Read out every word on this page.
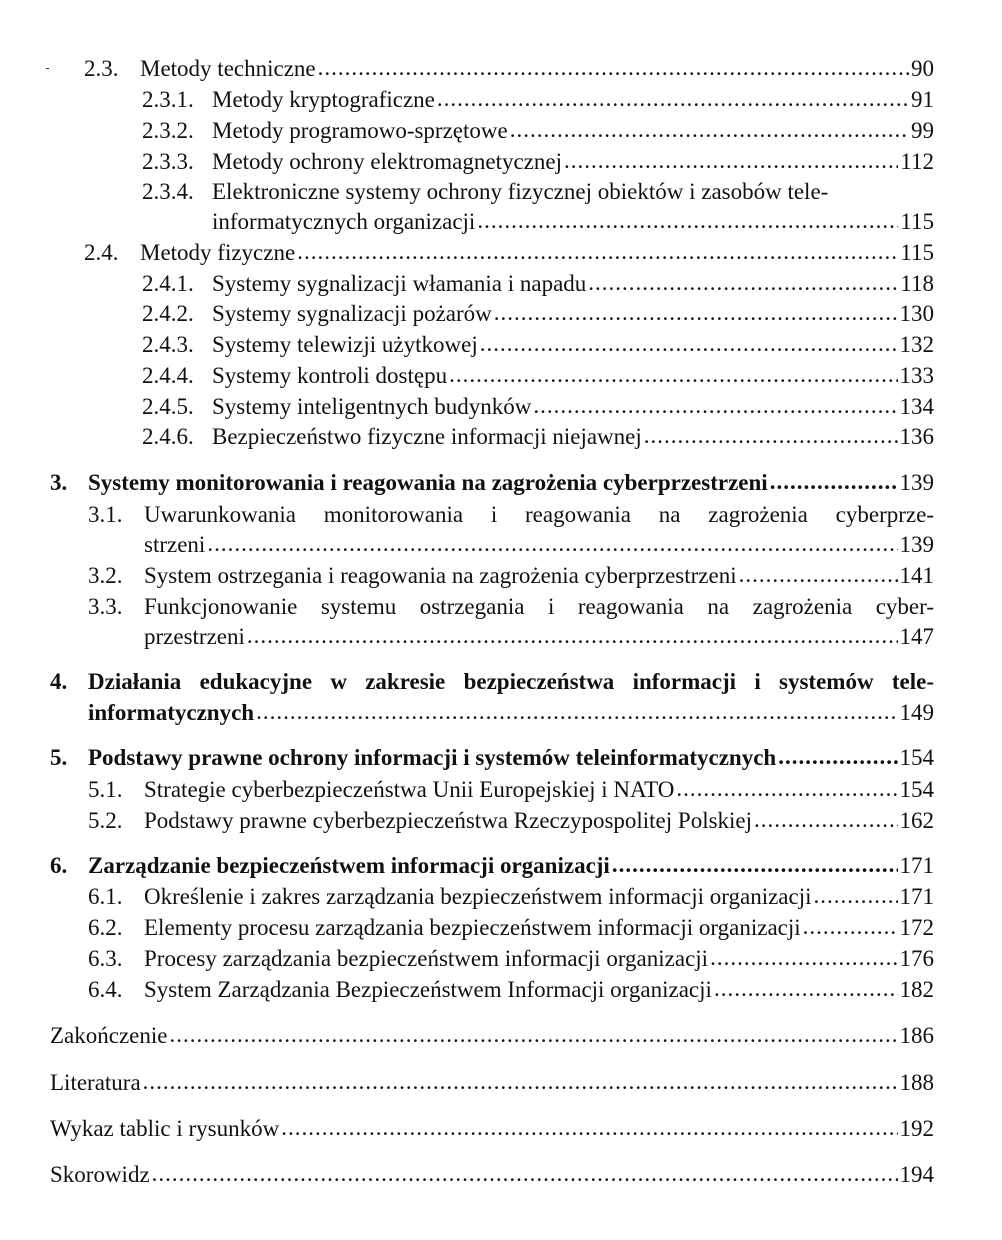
2.3. Metody techniczne .....	90
2.3.1. Metody kryptograficzne .....	91
2.3.2. Metody programowo-sprzętowe .....	99
2.3.3. Metody ochrony elektromagnetycznej .....	112
2.3.4. Elektroniczne systemy ochrony fizycznej obiektów i zasobów tele-
informatycznych organizacji .....	115
2.4. Metody fizyczne .....	115
2.4.1. Systemy sygnalizacji włamania i napadu .....	118
2.4.2. Systemy sygnalizacji pożarów .....	130
2.4.3. Systemy telewizji użytkowej .....	132
2.4.4. Systemy kontroli dostępu .....	133
2.4.5. Systemy inteligentnych budynków .....	134
2.4.6. Bezpieczeństwo fizyczne informacji niejawnej .....	136
3. Systemy monitorowania i reagowania na zagrożenia cyberprzestrzeni .....	139
3.1. Uwarunkowania monitorowania i reagowania na zagrożenia cyberprze-
strzeni .....	139
3.2. System ostrzegania i reagowania na zagrożenia cyberprzestrzeni .....	141
3.3. Funkcjonowanie systemu ostrzegania i reagowania na zagrożenia cyber-
przestrzeni .....	147
4. Działania edukacyjne w zakresie bezpieczeństwa informacji i systemów tele-
informatycznych .....	149
5. Podstawy prawne ochrony informacji i systemów teleinformatycznych .....	154
5.1. Strategie cyberbezpieczeństwa Unii Europejskiej i NATO .....	154
5.2. Podstawy prawne cyberbezpieczeństwa Rzeczypospolitej Polskiej .....	162
6. Zarządzanie bezpieczeństwem informacji organizacji .....	171
6.1. Określenie i zakres zarządzania bezpieczeństwem informacji organizacji .....	171
6.2. Elementy procesu zarządzania bezpieczeństwem informacji organizacji .....	172
6.3. Procesy zarządzania bezpieczeństwem informacji organizacji .....	176
6.4. System Zarządzania Bezpieczeństwem Informacji organizacji .....	182
Zakończenie .....	186
Literatura .....	188
Wykaz tablic i rysunków .....	192
Skorowidz .....	194
